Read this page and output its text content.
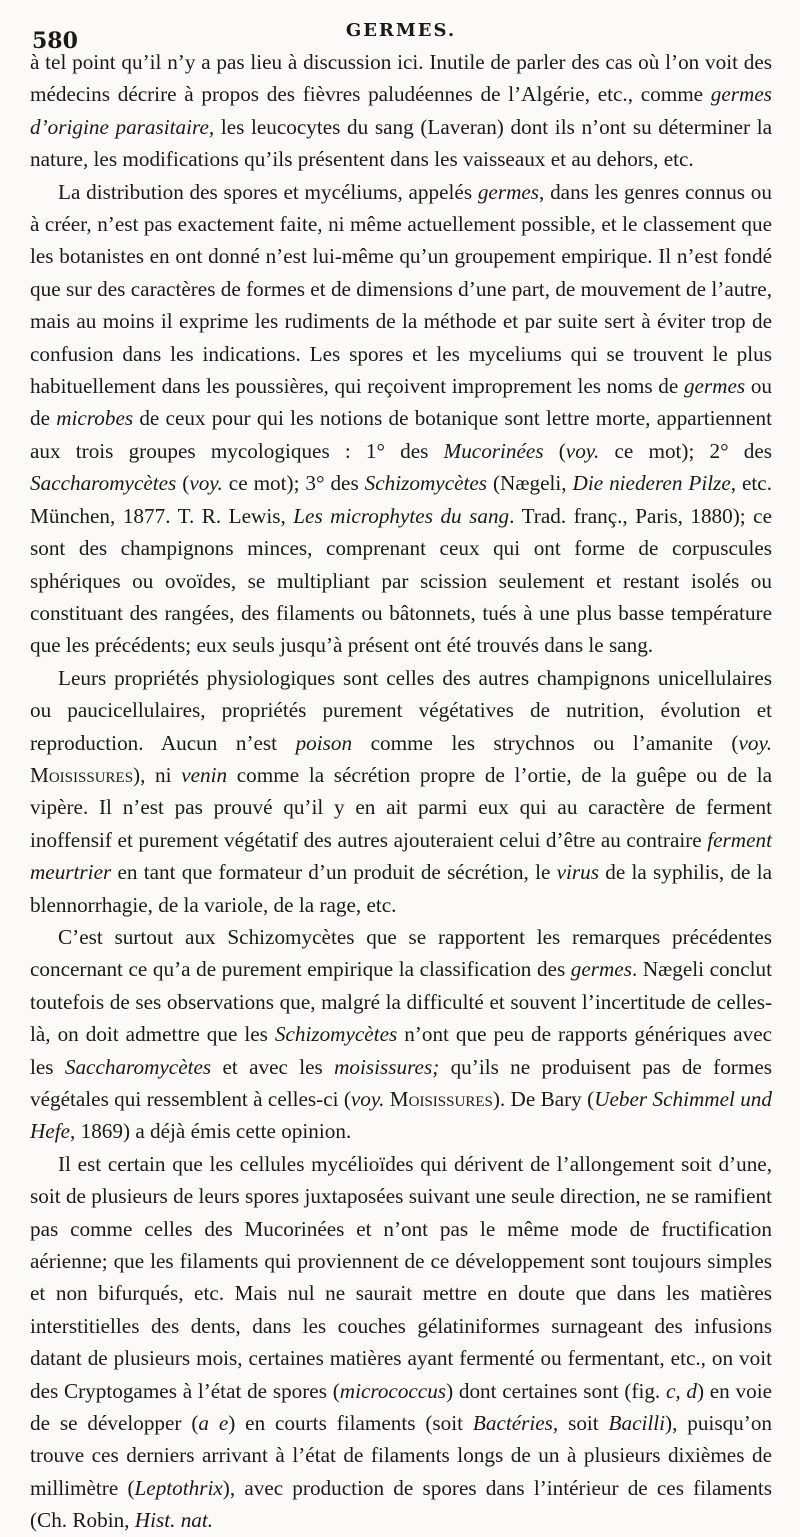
580	GERMES.

à tel point qu’il n’y a pas lieu à discussion ici. Inutile de parler des cas où l’on voit des médecins décrire à propos des fièvres paludéennes de l’Algérie, etc., comme germes d’origine parasitaire, les leucocytes du sang (Laveran) dont ils n’ont su déterminer la nature, les modifications qu’ils présentent dans les vaisseaux et au dehors, etc.

La distribution des spores et mycéliums, appelés germes, dans les genres connus ou à créer, n’est pas exactement faite, ni même actuellement possible, et le classement que les botanistes en ont donné n’est lui-même qu’un groupement empirique. Il n’est fondé que sur des caractères de formes et de dimensions d’une part, de mouvement de l’autre, mais au moins il exprime les rudiments de la méthode et par suite sert à éviter trop de confusion dans les indications. Les spores et les myceliums qui se trouvent le plus habituellement dans les poussières, qui reçoivent improprement les noms de germes ou de microbes de ceux pour qui les notions de botanique sont lettre morte, appartiennent aux trois groupes mycologiques : 1° des Mucorinées (voy. ce mot); 2° des Saccharomycètes (voy. ce mot); 3° des Schizomycètes (Nægeli, Die niederen Pilze, etc. München, 1877. T. R. Lewis, Les microphytes du sang. Trad. franç., Paris, 1880); ce sont des champignons minces, comprenant ceux qui ont forme de corpuscules sphériques ou ovoïdes, se multipliant par scission seulement et restant isolés ou constituant des rangées, des filaments ou bâtonnets, tués à une plus basse température que les précédents; eux seuls jusqu’à présent ont été trouvés dans le sang.

Leurs propriétés physiologiques sont celles des autres champignons unicellulaires ou paucicellulaires, propriétés purement végétatives de nutrition, évolution et reproduction. Aucun n’est poison comme les strychnos ou l’amanite (voy. Moisissures), ni venin comme la sécrétion propre de l’ortie, de la guêpe ou de la vipère. Il n’est pas prouvé qu’il y en ait parmi eux qui au caractère de ferment inoffensif et purement végétatif des autres ajouteraient celui d’être au contraire ferment meurtrier en tant que formateur d’un produit de sécrétion, le virus de la syphilis, de la blennorrhagie, de la variole, de la rage, etc.

C’est surtout aux Schizomycètes que se rapportent les remarques précédentes concernant ce qu’a de purement empirique la classification des germes. Nægeli conclut toutefois de ses observations que, malgré la difficulté et souvent l’incertitude de celles-là, on doit admettre que les Schizomycètes n’ont que peu de rapports génériques avec les Saccharomycètes et avec les moisissures; qu’ils ne produisent pas de formes végétales qui ressemblent à celles-ci (voy. Moisissures). De Bary (Ueber Schimmel und Hefe, 1869) a déjà émis cette opinion.

Il est certain que les cellules mycélioïdes qui dérivent de l’allongement soit d’une, soit de plusieurs de leurs spores juxtaposées suivant une seule direction, ne se ramifient pas comme celles des Mucorinées et n’ont pas le même mode de fructification aérienne; que les filaments qui proviennent de ce développement sont toujours simples et non bifurqués, etc. Mais nul ne saurait mettre en doute que dans les matières interstitielles des dents, dans les couches gélatiniformes surnageant des infusions datant de plusieurs mois, certaines matières ayant fermenté ou fermentant, etc., on voit des Cryptogames à l’état de spores (micrococcus) dont certaines sont (fig. c, d) en voie de se développer (a e) en courts filaments (soit Bactéries, soit Bacilli), puisqu’on trouve ces derniers arrivant à l’état de filaments longs de un à plusieurs dixièmes de millimètre (Leptothrix), avec production de spores dans l’intérieur de ces filaments (Ch. Robin, Hist. nat.
